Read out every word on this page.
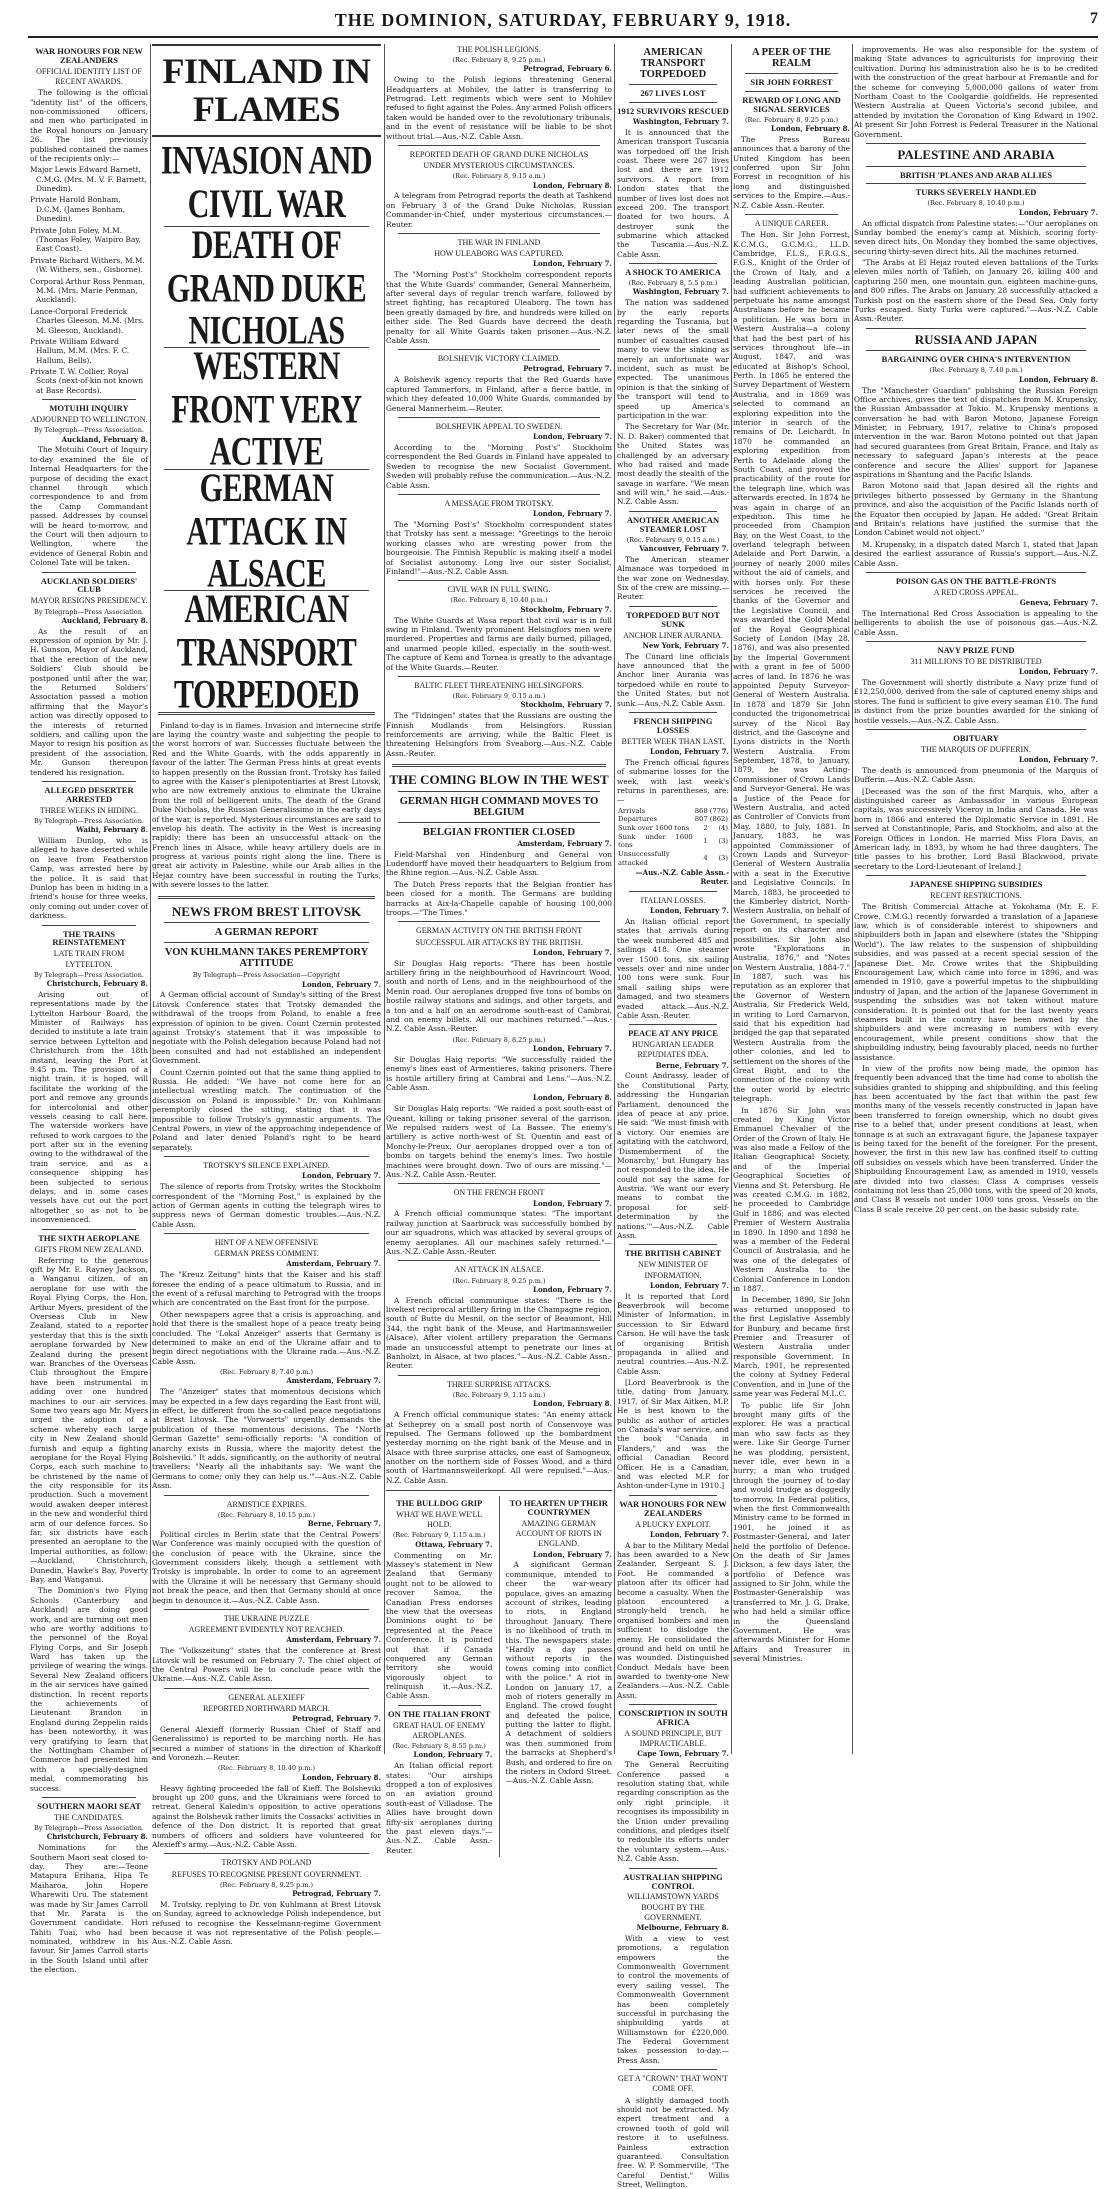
THE DOMINION, SATURDAY, FEBRUARY 9, 1918.	7
WAR HONOURS FOR NEW ZEALANDERS
OFFICIAL IDENTITY LIST OF RECENT AWARDS.

The following is the official "identity list" of the officers, non-commissioned officers, and men who participated in the Royal honours on January 26. The list previously published contained the names of the recipients only:—

Major Lewis Edward Barnett, C.M.G. (Mrs. M. V. F. Barnett, Dunedin).

Private Harold Bonham, D.C.M. (James Bonham, Dunedin).

Private John Foley, M.M. (Thomas Foley, Waipiro Bay, East Coast).

Private Richard Withers, M.M. (W. Withers, sen., Gisborne).

Corporal Arthur Ross Penman, M.M. (Mrs. Marie Penman, Auckland).

Lance-Corporal Frederick Charles Gleeson, M.M. (Mrs. M. Gleeson, Auckland).

Private William Edward Hallum, M.M. (Mrs. F. C. Hallum, Bells).

Private T. W. Collier, Royal Scots (next-of-kin not known at Base Records).

MOTUIHI INQUIRY
ADJOURNED TO WELLINGTON.
By Telegraph—Press Association.
Auckland, February 8.

The Motuihi Court of Inquiry to-day examined the file of Internal Headquarters for the purpose of deciding the exact channel through which correspondence to and from the Camp Commandant passed. Addresses by counsel will be heard to-morrow, and the Court will then adjourn to Wellington, where the evidence of General Robin and Colonel Tate will be taken.

AUCKLAND SOLDIERS' CLUB
MAYOR RESIGNS PRESIDENCY.
By Telegraph—Press Association.
Auckland, February 8.

As the result of an expression of opinion by Mr. J. H. Gunson, Mayor of Auckland, that the erection of the new Soldiers' Club should be postponed until after the war, the Returned Soldiers' Association passed a motion affirming that the Mayor's action was directly opposed to the interests of returned soldiers, and calling upon the Mayor to resign his position as president of the association. Mr. Gunson thereupon tendered his resignation.

ALLEGED DESERTER ARRESTED
THREE WEEKS IN HIDING.
By Telegraph—Press Association.
Waihi, February 8.

William Dunlop, who is alleged to have deserted while on leave from Featherston Camp, was arrested here by the police. It is said that Dunlop has been in hiding in a friend's house for three weeks, only coming out under cover of darkness.

THE TRAINS REINSTATEMENT
LATE TRAIN FROM LYTTELTON.
By Telegraph—Press Association.
Christchurch, February 8.

Arising out of representations made by the Lyttelton Harbour Board, the Minister of Railways has decided to institute a late train service between Lyttelton and Christchurch from the 18th instant, leaving the Port at 9.45 p.m. The provision of a night train, it is hoped, will facilitate the working of the port and remove any grounds for intercolonial and other vessels ceasing to call here. The waterside workers have refused to work cargoes to the port after six in the evening owing to the withdrawal of the train service, and as a consequence shipping has been subjected to serious delays, and in some cases vessels have cut out the port altogether so as not to be inconvenienced.

THE SIXTH AEROPLANE
GIFTS FROM NEW ZEALAND.

Referring to the generous gift by Mr. E. Rayney Jackson, a Wanganui citizen, of an aeroplane for use with the Royal Flying Corps, the Hon. Arthur Myers, president of the Overseas Club in New Zealand, stated to a reporter yesterday that this is the sixth aeroplane forwarded by New Zealand during the present war. Branches of the Overseas Club throughout the Empire have been instrumental in adding over one hundred machines to our air services. Some two years ago Mr. Myers urged the adoption of a scheme whereby each large city in New Zealand should furnish and equip a fighting aeroplane for the Royal Flying Corps, each such machine to be christened by the name of the city responsible for its production. Such a movement would awaken deeper interest in the new and wonderful third arm of our defence forces. So far, six districts have each presented an aeroplane to the Imperial authorities, as follow:—Auckland, Christchurch, Dunedin, Hawke's Bay, Poverty Bay, and Wanganui.

The Dominion's two Flying Schools (Canterbury and Auckland) are doing good work, and are turning out men who are worthy additions to the personnel of the Royal Flying Corps, and Sir Joseph Ward has taken up the privilege of wearing the wings. Several New Zealand officers in the air services have gained distinction. In recent reports the achievements of Lieutenant Brandon in England during Zeppelin raids has been noteworthy, it was very gratifying to learn that the Nottingham Chamber of Commerce had presented him with a specially-designed medal, commemorating his success.

SOUTHERN MAORI SEAT
THE CANDIDATES.
By Telegraph—Press Association.
Christchurch, February 8.

Nominations for the Southern Maori seat closed to-day. They are:—Teone Matapura Erihana, Hipa Te Maiharoa, John Hopere Wharewiti Uru. The statement was made by Sir James Carroll that Mr. Parata is the Government candidate. Hori Tahiti Tuai, who had been nominated, withdrew in his favour. Sir James Carroll starts in the South Island until after the election.

FINLAND IN FLAMES
INVASION AND CIVIL WAR
DEATH OF GRAND DUKE NICHOLAS
WESTERN FRONT VERY ACTIVE
GERMAN ATTACK IN ALSACE
AMERICAN TRANSPORT TORPEDOED

Finland to-day is in flames. Invasion and internecine strife are laying the country waste and subjecting the people to the worst horrors of war. Successes fluctuate between the Red and the White Guards, with the odds apparently in favour of the latter. The German Press hints at great events to happen presently on the Russian front. Trotsky has failed to agree with the Kaiser's plenipotentiaries at Brest Litovsk, who are now extremely anxious to eliminate the Ukraine from the roll of belligerent units. The death of the Grand Duke Nicholas, the Russian Generalissimo in the early days of the war, is reported. Mysterious circumstances are said to envelop his death. The activity in the West is increasing rapidly; there has been an unsuccessful attack on the French lines in Alsace, while heavy artillery duels are in progress at various points right along the line. There is great air activity in Palestine, while our Arab allies in the Hejaz country have been successful in routing the Turks, with severe losses to the latter.

NEWS FROM BREST LITOVSK
A GERMAN REPORT
VON KUHLMANN TAKES PEREMPTORY ATTITUDE
By Telegraph—Press Association—Copyright
London, February 7.

A German official account of Sunday's sitting of the Brest Litovsk Conference states that Trotsky demanded the withdrawal of the troops from Poland, to enable a free expression of opinion to be given. Count Czernin protested against Trotsky's statement that it was impossible to negotiate with the Polish delegation because Poland had not been consulted and had not established an independent Government.

Count Czernin pointed out that the same thing applied to Russia. He added: "We have not come here for an intellectual wrestling match. The continuation of the discussion on Poland is impossible." Dr. von Kuhlmann peremptorily closed the sitting, stating that it was impossible to follow Trotsky's gymnastic arguments. The Central Powers, in view of the approaching independence of Poland and later denied Poland's right to be heard separately.

TROTSKY'S SILENCE EXPLAINED.
London, February 7.

The silence of reports from Trotsky, writes the Stockholm correspondent of the "Morning Post," is explained by the action of German agents in cutting the telegraph wires to suppress news of German domestic troubles.—Aus.-N.Z. Cable Assn.

HINT OF A NEW OFFENSIVE
GERMAN PRESS COMMENT.
Amsterdam, February 7.

The "Kreuz Zeitung" hints that the Kaiser and his staff foresee the ending of a peace ultimatum to Russia, and in the event of a refusal marching to Petrograd with the troops which are concentrated on the East front for the purpose.

Other newspapers agree that a crisis is approaching, and hold that there is the smallest hope of a peace treaty being concluded. The "Lokal Anzeiger" asserts that Germany is determined to make an end of the Ukraine affair and to begin direct negotiations with the Ukraine rada.—Aus.-N.Z. Cable Assn.

(Rec. February 8, 7.40 p.m.)
Amsterdam, February 7.

The "Anzeiger" states that momentous decisions which may be expected in a few days regarding the East front will, in effect, be different from the so-called peace negotiations at Brest Litovsk. The "Vorwaerts" urgently demands the publication of these momentous decisions. The "North German Gazette" semi-officially reports: "A condition of anarchy exists in Russia, where the majority detest the Bolsheviki." It adds, significantly, on the authority of neutral travellers: "Nearly all the inhabitants say: 'We want the Germans to come; only they can help us.'"—Aus.-N.Z. Cable Assn.

ARMISTICE EXPIRES.
(Rec. February 8, 10.15 p.m.)
Berne, February 7.

Political circles in Berlin state that the Central Powers' War Conference was mainly occupied with the question of the conclusion of peace with the Ukraine, since the Government considers likely, though a settlement with Trotsky is improbable. In order to come to an agreement with the Ukraine it will be necessary that Germany should not break the peace, and then that Germany should at once begin to denounce it.—Aus.-N.Z. Cable Assn.

THE UKRAINE PUZZLE
AGREEMENT EVIDENTLY NOT REACHED.
Amsterdam, February 7.

The "Volkszeitung" states that the conference at Brest Litovsk will be resumed on February 7. The chief object of the Central Powers will be to conclude peace with the Ukraine.—Aus.-N.Z. Cable Assn.

GENERAL ALEXIEFF
REPORTED NORTHWARD MARCH.
Petrograd, February 7.

General Alexieff (formerly Russian Chief of Staff and Generalissimo) is reported to be marching north. He has secured a number of stations in the direction of Kharkoff and Voronezh.—Reuter.

(Rec. February 8, 10.40 p.m.)
London, February 8.

Heavy fighting proceeded the fall of Kieff. The Bolsheviki brought up 200 guns, and the Ukrainians were forced to retreat. General Kaledin's opposition to active operations against the Bolshevik rather limits the Cossacks' activities in defence of the Don district. It is reported that great numbers of officers and soldiers have volunteered for Alexieff's army.—Aus.-N.Z. Cable Assn.

TROTSKY AND POLAND
REFUSES TO RECOGNISE PRESENT GOVERNMENT.
(Rec. February 8, 9.25 p.m.)
Petrograd, February 7.

M. Trotsky, replying to Dr. von Kuhlmann at Brest Litovsk on Sunday, agreed to acknowledge Polish independence, but refused to recognise the Kesselmann-regime Government because it was not representative of the Polish people.—Aus.-N.Z. Cable Assn.

THE POLISH LEGIONS.
(Rec. February 8, 9.25 p.m.)
Petrograd, February 6.

Owing to the Polish legions threatening General Headquarters at Mohilev, the latter is transferring to Petrograd. Lett regiments which were sent to Mohilev refused to fight against the Poles. Any armed Polish officers taken would be handed over to the revolutionary tribunals, and in the event of resistance will be liable to be shot without trial.—Aus.-N.Z. Cable Assn.

REPORTED DEATH OF GRAND DUKE NICHOLAS
UNDER MYSTERIOUS CIRCUMSTANCES.
(Rec. February 8, 9.15 a.m.)
London, February 8.

A telegram from Petrograd reports the death at Tashkend on February 3 of the Grand Duke Nicholas, Russian Commander-in-Chief, under mysterious circumstances.—Reuter.

THE WAR IN FINLAND
HOW ULEABORG WAS CAPTURED.
London, February 7.

The "Morning Post's" Stockholm correspondent reports that the White Guards' commander, General Mannerheim, after several days of regular trench warfare, followed by street fighting, has recaptured Uleaborg. The town has been greatly damaged by fire, and hundreds were killed on either side. The Red Guards have decreed the death penalty for all White Guards taken prisoner.—Aus.-N.Z. Cable Assn.

BOLSHEVIK VICTORY CLAIMED.
Petrograd, February 7.

A Bolshevik agency reports that the Red Guards have captured Tammerfors, in Finland, after a fierce battle, in which they defeated 10,000 White Guards, commanded by General Mannerheim.—Reuter.

BOLSHEVIK APPEAL TO SWEDEN.
London, February 7.

According to the "Morning Post's" Stockholm correspondent the Red Guards in Finland have appealed to Sweden to recognise the new Socialist Government. Sweden will probably refuse the communication.—Aus.-N.Z. Cable Assn.

A MESSAGE FROM TROTSKY.
London, February 7.

The "Morning Post's" Stockholm correspondent states that Trotsky has sent a message: "Greetings to the heroic working classes who are wresting power from the bourgeoisie. The Finnish Republic is making itself a model of Socialist autonomy. Long live our sister Socialist, Finland!"—Aus.-N.Z. Cable Assn.

CIVIL WAR IN FULL SWING.
(Rec. February 8, 10.40 p.m.)
Stockholm, February 7.

The White Guards at Wasa report that civil war is in full swing in Finland. Twenty prominent Helsingfors men were murdered. Properties and farms are daily burned, pillaged, and unarmed people killed, especially in the south-west. The capture of Kemi and Tornea is greatly to the advantage of the White Guards.—Reuter.

BALTIC FLEET THREATENING HELSINGFORS.
(Rec. February 9, 0.15 a.m.)
Stockholm, February 7.

The "Tidningen" states that the Russians are ousting the Finnish Mudlands from Helsingfors. Russian reinforcements are arriving, while the Baltic Fleet is threatening Helsingfors from Sveaborg.—Aus.-N.Z. Cable Assn.-Reuter.

THE COMING BLOW IN THE WEST
GERMAN HIGH COMMAND MOVES TO BELGIUM
BELGIAN FRONTIER CLOSED
Amsterdam, February 7.

Field-Marshal von Hindenburg and General von Ludendorff have moved their headquarters to Belgium from the Rhine region.—Aus.-N.Z. Cable Assn.

The Dutch Press reports that the Belgian frontier has been closed for a month. The Germans are building barracks at Aix-la-Chapelle capable of housing 100,000 troops.—"The Times."

GERMAN ACTIVITY ON THE BRITISH FRONT
SUCCESSFUL AIR ATTACKS BY THE BRITISH.
London, February 7.

Sir Douglas Haig reports: "There has been hostile artillery firing in the neighbourhood of Havrincourt Wood, south and north of Lens, and in the neighbourhood of the Menin road. Our aeroplanes dropped five tons of bombs on hostile railway stations and sidings, and other targets, and a ton and a half on an aerodrome south-east of Cambrai, and on enemy billets. All our machines returned."—Aus.-N.Z. Cable Assn.-Reuter.

(Rec. February 8, 8.25 p.m.)
London, February 7.

Sir Douglas Haig reports: "We successfully raided the enemy's lines east of Armentieres, taking prisoners. There is hostile artillery firing at Cambrai and Lens."—Aus.-N.Z. Cable Assn.

London, February 8.

Sir Douglas Haig reports: "We raided a post south-east of Queant, killing or taking prisoner several of the garrison. We repulsed raiders west of La Bassee. The enemy's artillery is active north-west of St. Quentin and east of Monchy-le-Preux. Our aeroplanes dropped over a ton of bombs on targets behind the enemy's lines. Two hostile machines were brought down. Two of ours are missing."—Aus.-N.Z. Cable Assn.-Reuter.

ON THE FRENCH FRONT
London, February 7.

A French official communique states: "The important railway junction at Saarbruck was successfully bombed by our air squadrons, which was attacked by several groups of enemy aeroplanes. All our machines safely returned."—Aus.-N.Z. Cable Assn.-Reuter.

AN ATTACK IN ALSACE.
(Rec. February 8, 9.25 p.m.)
London, February 7.

A French official communique states: "There is the liveliest reciprocal artillery firing in the Champagne region, south of Butte du Mesnil, on the sector of Beaumont, Hill 344, the right bank of the Meuse, and Hartmannsweiler (Alsace). After violent artillery preparation the Germans made an unsuccessful attempt to penetrate our lines at Banholzt, in Alsace, at two places."—Aus.-N.Z. Cable Assn.-Reuter.

THREE SURPRISE ATTACKS.
(Rec. February 9, 1.15 a.m.)
London, February 8.

A French official communique states: "An enemy attack at Seiheprey on a small post north of Consenvoye was repulsed. The Germans followed up the bombardment yesterday morning on the right bank of the Meuse and in Alsace with three surprise attacks, one east of Samogneux, another on the northern side of Fosses Wood, and a third south of Hartmannsweilerkopf. All were repulsed."—Aus.-N.Z. Cable Assn.

THE BULLDOG GRIP
WHAT WE HAVE WE'LL HOLD.
(Rec. February 9, 1.15 a.m.)
Ottawa, February 7.

Commenting on Mr. Massey's statement in New Zealand that Germany ought not to be allowed to recover Samoa, the Canadian Press endorses the view that the overseas Dominions ought to be represented at the Peace Conference. It is pointed out that if Canada conquered any German territory she would vigorously object to relinquish it.—Aus.-N.Z. Cable Assn.

ON THE ITALIAN FRONT
GREAT HAUL OF ENEMY AEROPLANES.
(Rec. February 8, 8.55 p.m.)
London, February 7.

An Italian official report states: "Our airships dropped a ton of explosives on an aviation ground south-east of Villadose. The Allies have brought down fifty-six aeroplanes during the past eleven days."—Aus.-N.Z. Cable Assn.-Reuter.

TO HEARTEN UP THEIR COUNTRYMEN
AMAZING GERMAN ACCOUNT OF RIOTS IN ENGLAND.
London, February 7.

A significant German communique, intended to cheer the war-weary populace, gives an amazing account of strikes, leading to riots, in England throughout January. There is no likelihood of truth in this. The newspapers state: "Hardly a day passes without reports in the towns coming into conflict with the police." A riot in London on January 17, a mob of rioters generally in England. The crowd fought and defeated the police, putting the latter to flight. A detachment of soldiers was then summoned from the barracks at Shepherd's Bush, and ordered to fire on the rioters in Oxford Street.—Aus.-N.Z. Cable Assn.

AMERICAN TRANSPORT TORPEDOED
267 LIVES LOST
1912 SURVIVORS RESCUED
Washington, February 7.

It is announced that the American transport Tuscania was torpedoed off the Irish coast. There were 267 lives lost and there are 1912 survivors. A report from London states that the number of lives lost does not exceed 200. The transport floated for two hours. A destroyer sunk the submarine which attacked the Tuscania.—Aus.-N.Z. Cable Assn.

A SHOCK TO AMERICA
(Rec. February 8, 5.5 p.m.)
Washington, February 7.

The nation was saddened by the early reports regarding the Tuscania, but later news of the small number of casualties caused many to view the sinking as merely an unfortunate war incident, such as must be expected. The unanimous opinion is that the sinking of the transport will tend to speed up America's participation in the war.

The Secretary for War (Mr. N. D. Baker) commented that the United States was challenged by an adversary who had raised and made most deadly the stealth of the savage in warfare. "We mean and will win," he said.—Aus.-N.Z. Cable Assn.

ANOTHER AMERICAN STEAMER LOST
(Rec. February 9, 0.15 a.m.)
Vancouver, February 7.

The American steamer Almanace was torpedoed in the war zone on Wednesday. Six of the crew are missing.—Reuter.

TORPEDOED BUT NOT SUNK
ANCHOR LINER AURANIA.
New York, February 7.

The Cunard line officials have announced that the Anchor liner Aurania was torpedoed while en route to the United States, but not sunk.—Aus.-N.Z. Cable Assn.

FRENCH SHIPPING LOSSES
BETTER WEEK THAN LAST.
London, February 7.

The French official figures of submarine losses for the week, with last week's returns in parentheses, are:—

Arrivals	868	(776)
Departures	807	(862)
Sunk over 1600 tons	2	(4)
Sunk under 1600 tons	1	(3)
Unsuccessfully attacked	4	(3)
—Aus.-N.Z. Cable Assn.-Reuter.
ITALIAN LOSSES.
London, February 7.

An Italian official report states that arrivals during the week numbered 485 and sailings 418. One steamer over 1500 tons, six sailing vessels over and nine under 100 tons were sunk. Four small sailing ships were damaged, and two steamers evaded attack.—Aus.-N.Z. Cable Assn.-Reuter.

PEACE AT ANY PRICE
HUNGARIAN LEADER REPUDIATES IDEA.
Berne, February 7.

Count Andrassy, leader of the Constitutional Party, addressing the Hungarian Parliament, denounced the idea of peace at any price. He said: "We must finish with a victory. Our enemies are agitating with the catchword, 'Dismemberment of the Monarchy,' but Hungary has not responded to the idea. He could not say the same for Austria. 'We want our every means to combat the proposal for self-determination by the nations.'"—Aus.-N.Z. Cable Assn.

THE BRITISH CABINET
NEW MINISTER OF INFORMATION.
London, February 7.

It is reported that Lord Beaverbrook will become Minister of Information, in succession to Sir Edward Carson. He will have the task of organising British propaganda in allied and neutral countries.—Aus.-N.Z. Cable Assn.

[Lord Beaverbrook is the title, dating from January, 1917, of Sir Max Aitken, M.P. He is best known to the public as author of articles on Canada's war service, and the book "Canada in Flanders," and was the official Canadian Record Officer. He is a Canadian, and was elected M.P. for Ashton-under-Lyne in 1910.]

WAR HONOURS FOR NEW ZEALANDERS
A PLUCKY EXPLOIT.
London, February 7.

A bar to the Military Medal has been awarded to a New Zealander, Sergeant S. J. Foot. He commanded a platoon after its officer had become a casualty. When the platoon encountered a strongly-held trench, he organised bombers and men sufficient to dislodge the enemy. He consolidated the ground and held on until he was wounded. Distinguished Conduct Medals have been awarded to twenty-one New Zealanders.—Aus.-N.Z. Cable Assn.

CONSCRIPTION IN SOUTH AFRICA
A SOUND PRINCIPLE, BUT IMPRACTICABLE.
Cape Town, February 7.

The General Recruiting Conference passed a resolution stating that, while regarding conscription as the only right principle, it recognises its impossibility in the Union under prevailing conditions, and pledges itself to redouble its efforts under the voluntary system.—Aus.-N.Z. Cable Assn.

AUSTRALIAN SHIPPING CONTROL
WILLIAMSTOWN YARDS BOUGHT BY THE GOVERNMENT.
Melbourne, February 8.

With a view to vest promotions, a regulation empowers the Commonwealth Government to control the movements of every sailing vessel. The Commonwealth Government has been completely successful in purchasing the shipbuilding yards at Williamstown for £220,000. The Federal Government takes possession to-day.—Press Assn.

GET A "CROWN" THAT WON'T COME OFF.

A slightly damaged tooth should not be extracted. My expert treatment and a crowned tooth of gold will restore it to usefulness. Painless extraction guaranteed. Consultation free. W. P. Sommerville, "The Careful Dentist," Willis Street, Wellington.

A PEER OF THE REALM
SIR JOHN FORREST
REWARD OF LONG AND SIGNAL SERVICES
(Rec. February 8, 9.25 p.m.)
London, February 8.

The Press Bureau announces that a barony of the United Kingdom has been conferred upon Sir John Forrest in recognition of his long and distinguished services to the Empire.—Aus.-N.Z. Cable Assn.-Reuter.

A UNIQUE CAREER.

The Hon. Sir John Forrest, K.C.M.G., G.C.M.G., LL.D. Cambridge, F.L.S., F.R.G.S., F.G.S., Knight of the Order of the Crown of Italy, and a leading Australian politician, had sufficient achievements to perpetuate his name amongst Australians before he became a politician. He was born in Western Australia—a colony that had the best part of his services throughout life—in August, 1847, and was educated at Bishop's School, Perth. In 1865 he entered the Survey Department of Western Australia, and in 1869 was selected to command an exploring expedition into the interior in search of the remains of Dr. Leichardt. In 1870 he commanded an exploring expedition from Perth to Adelaide along the South Coast, and proved the practicability of the route for the telegraph line, which was afterwards erected. In 1874 he was again in charge of an expedition. This time he proceeded from Champion Bay, on the West Coast, to the overland telegraph between Adelaide and Port Darwin, a journey of nearly 2000 miles without the aid of camels, and with horses only. For these services he received the thanks of the Governor and the Legislative Council, and was awarded the Gold Medal of the Royal Geographical Society of London (May 28, 1876), and was also presented by the Imperial Government with a grant in fee of 5000 acres of land. In 1876 he was appointed Deputy Surveyor-General of Western Australia. In 1878 and 1879 Sir John conducted the trigonometrical survey of the Nicol Bay district, and the Gascoyne and Lyons districts in the North Western Australia. From September, 1878, to January, 1879, he was Acting-Commissioner of Crown Lands and Surveyor-General. He was a Justice of the Peace for Western Australia, and acted as Controller of Convicts from May, 1880, to July, 1881. In January, 1883, he was appointed Commissioner of Crown Lands and Surveyor-General of Western Australia with a seat in the Executive and Legislative Councils. In March, 1883, he proceeded to the Kimberley district, North-Western Australia, on behalf of the Government, to specially report on its character and possibilities. Sir John also wrote "Explorations in Australia, 1876," and "Notes on Western Australia, 1884-7." In 1887, such was his reputation as an explorer that the Governor of Western Australia, Sir Frederick Weld, in writing to Lord Carnarvon, said that his expedition had bridged the gap that separated Western Australia from the other colonies, and led to settlement on the shores of the Great Bight, and to the connection of the colony with the outer world by electric telegraph.

In 1876 Sir John was created by King Victor Emmanuel Chevalier of the Order of the Crown of Italy. He was also made a Fellow of the Italian Geographical Society, and of the Imperial Geographical Societies of Vienna and St. Petersburg. He was created C.M.G. in 1882, he proceeded to Cambridge Gulf in 1886; and was elected Premier of Western Australia in 1890. In 1890 and 1898 he was a member of the Federal Council of Australasia, and he was one of the delegates of Western Australia to the Colonial Conference in London in 1887.

In December, 1890, Sir John was returned unopposed to the first Legislative Assembly for Bunbury, and became first Premier and Treasurer of Western Australia under responsible Government. In March, 1901, he represented the colony at Sydney Federal Convention, and in June of the same year was Federal M.L.C.

To public life Sir John brought many gifts of the explorer. He was a practical man who saw facts as they were. Like Sir George Turner he was plodding, persistent, never idle, ever hewn in a hurry; a man who trudged through the journey of to-day and would trudge as doggedly to-morrow. In Federal politics, when the first Commonwealth Ministry came to be formed in 1901, he joined it as Postmaster-General, and later held the portfolio of Defence. On the death of Sir James Dickson, a few days later, the portfolio of Defence was assigned to Sir John, while the Postmaster-Generalship was transferred to Mr. J. G. Drake, who had held a similar office in the Queensland Government. He was afterwards Minister for Home Affairs and Treasurer in several Ministries.

improvements. He was also responsible for the system of making State advances to agriculturists for improving their cultivation. During his administration also he is to be credited with the construction of the great harbour at Fremantle and for the scheme for conveying 5,000,000 gallons of water from Northam Coast to the Coolgardie goldfields. He represented Western Australia at Queen Victoria's second jubilee, and attended by invitation the Coronation of King Edward in 1902. At present Sir John Forrest is Federal Treasurer in the National Government.

PALESTINE AND ARABIA
BRITISH 'PLANES AND ARAB ALLIES
TURKS SEVERELY HANDLED
(Rec. February 8, 10.40 p.m.)
London, February 7.

An official dispatch from Palestine states:—"Our aeroplanes on Sunday bombed the enemy's camp at Mishich, scoring forty-seven direct hits. On Monday they bombed the same objectives, securing thirty-seven direct hits. All the machines returned.

"The Arabs at El Hejaz routed eleven battalions of the Turks eleven miles north of Tafileh, on January 26, killing 400 and capturing 250 men, one mountain gun, eighteen machine-guns, and 800 rifles. The Arabs on January 28 successfully attacked a Turkish post on the eastern shore of the Dead Sea. Only forty Turks escaped. Sixty Turks were captured."—Aus.-N.Z. Cable Assn.-Reuter.

RUSSIA AND JAPAN
BARGAINING OVER CHINA'S INTERVENTION
(Rec. February 8, 7.40 p.m.)
London, February 8.

The "Manchester Guardian" publishing the Russian Foreign Office archives, gives the text of dispatches from M. Krupensky, the Russian Ambassador at Tokio. M. Krupensky mentions a conversation he had with Baron Motono, Japanese Foreign Minister, in February, 1917, relative to China's proposed intervention in the war. Baron Motono pointed out that Japan had secured guarantees from Great Britain, France, and Italy as necessary to safeguard Japan's interests at the peace conference and secure the Allies' support for Japanese aspirations in Shantung and the Pacific Islands.

Baron Motono said that Japan desired all the rights and privileges hitherto possessed by Germany in the Shantung province, and also the acquisition of the Pacific Islands north of the Equator then occupied by Japan. He added: "Great Britain and Britain's relations have justified the surmise that the London Cabinet would not object."

M. Krupensky, in a dispatch dated March 1, stated that Japan desired the earliest assurance of Russia's support.—Aus.-N.Z. Cable Assn.

POISON GAS ON THE BATTLE-FRONTS
A RED CROSS APPEAL.
Geneva, February 7.

The International Red Cross Association is appealing to the belligerents to abolish the use of poisonous gas.—Aus.-N.Z. Cable Assn.

NAVY PRIZE FUND
311 MILLIONS TO BE DISTRIBUTED
London, February 7.

The Government will shortly distribute a Navy prize fund of £12,250,000, derived from the sale of captured enemy ships and stores. The fund is sufficient to give every seaman £10. The fund is distinct from the prize bounties awarded for the sinking of hostile vessels.—Aus.-N.Z. Cable Assn.

OBITUARY
THE MARQUIS OF DUFFERIN.
London, February 7.

The death is announced from pneumonia of the Marquis of Dufferin.—Aus.-N.Z. Cable Assn.

[Deceased was the son of the first Marquis, who, after a distinguished career as Ambassador in various European capitals, was successively Viceroy in India and Canada. He was born in 1866 and entered the Diplomatic Service in 1891. He served at Constantinople, Paris, and Stockholm, and also at the Foreign Offices in London. He married Miss Flora Davis, an American lady, in 1893, by whom he had three daughters. The title passes to his brother, Lord Basil Blackwood, private secretary to the Lord-Lieutenant of Ireland.]

JAPANESE SHIPPING SUBSIDIES
RECENT RESTRICTIONS.

The British Commercial Attache at Yokohama (Mr. E. F. Crowe, C.M.G.) recently forwarded a translation of a Japanese law, which is of considerable interest to shipowners and shipbuilders both in Japan and elsewhere (states the "Shipping World"). The law relates to the suspension of shipbuilding subsidies, and was passed at a recent special session of the Japanese Diet. Mr. Crowe writes that the Shipbuilding Encouragement Law, which came into force in 1896, and was amended in 1910, gave a powerful impetus to the shipbuilding industry of Japan, and the action of the Japanese Government in suspending the subsidies was not taken without mature consideration. It is pointed out that for the last twenty years steamers built in the country have been owned by the shipbuilders and were increasing in numbers with every encouragement, while present conditions show that the shipbuilding industry, being favourably placed, needs no further assistance.

In view of the profits now being made, the opinion has frequently been advanced that the time had come to abolish the subsidies granted to shipping and shipbuilding, and this feeling has been accentuated by the fact that within the past few months many of the vessels recently constructed in Japan have been transferred to foreign ownership, which no doubt gives rise to a belief that, under present conditions at least, when tonnage is at such an extravagant figure, the Japanese taxpayer is being taxed for the benefit of the foreigner. For the present, however, the first in this new law has confined itself to cutting off subsidies on vessels which have been transferred. Under the Shipbuilding Encouragement Law, as amended in 1910, vessels are divided into two classes: Class A comprises vessels containing not less than 25,000 tons, with the speed of 20 knots, and Class B vessels not under 1000 tons gross. Vessels on the Class B scale receive 20 per cent. on the basic subsidy rate.
